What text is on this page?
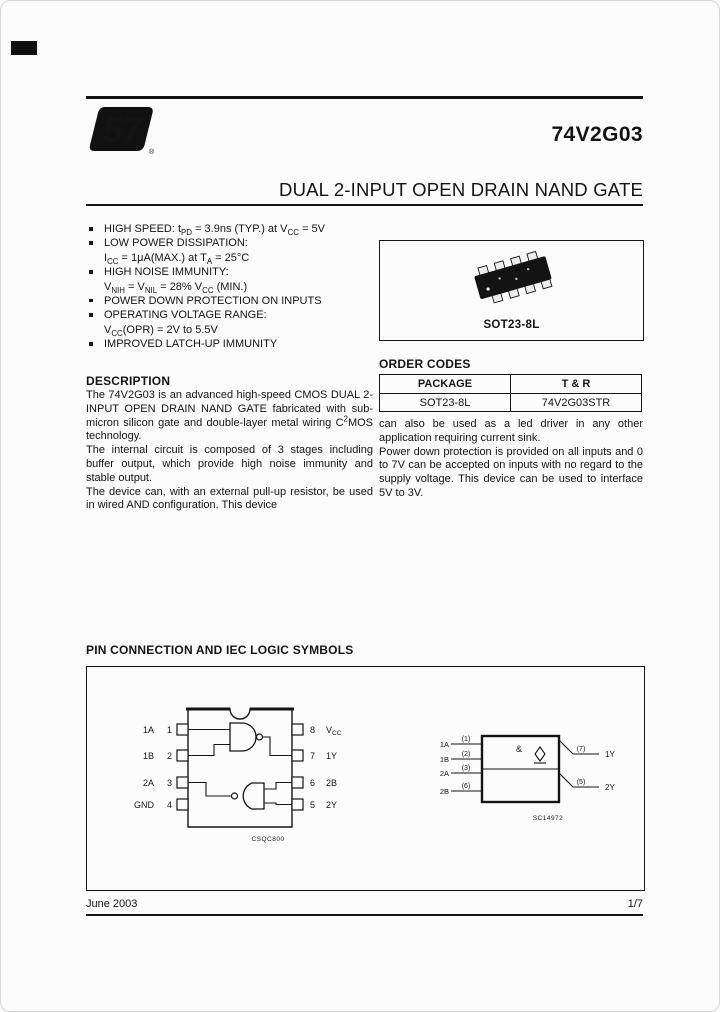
57
®
74V2G03
DUAL 2-INPUT OPEN DRAIN NAND GATE
HIGH SPEED: $t_{PD} = 3.9ns$ (TYP.) at $V_{CC} = 5V$
LOW POWER DISSIPATION:
$I_{CC} = 1\mu A(MAX.)$ at $T_A = 25^\circ C$
HIGH NOISE IMMUNITY:
$V_{NIH} = V_{NIL} = 28\%$ $V_{CC}$ (MIN.)
POWER DOWN PROTECTION ON INPUTS
OPERATING VOLTAGE RANGE:
$V_{CC}(OPR) = 2V$ to 5.5V
IMPROVED LATCH-UP IMMUNITY
SOT23-8L
ORDER CODES
PACKAGE	T & R
SOT23-8L	74V2G03STR
DESCRIPTION

The 74V2G03 is an advanced high-speed CMOS DUAL 2-INPUT OPEN DRAIN NAND GATE fabricated with sub-micron silicon gate and double-layer metal wiring $C^2MOS$ technology.

The internal circuit is composed of 3 stages including buffer output, which provide high noise immunity and stable output.

The device can, with an external pull-up resistor, be used in wired AND configuration. This device

can also be used as a led driver in any other application requiring current sink.

Power down protection is provided on all inputs and 0 to 7V can be accepted on inputs with no regard to the supply voltage. This device can be used to interface 5V to 3V.

PIN CONNECTION AND IEC LOGIC SYMBOLS
1A
1B
2A
GND
1
2
3
4
8
7
6
5
$V_{CC}$
1Y
2B
2Y
CSQC800
&
1A
1B
2A
2B
(1)
(2)
(3)
(6)
(7)
1Y
(5)
2Y
SC14972
June 2003	1/7
